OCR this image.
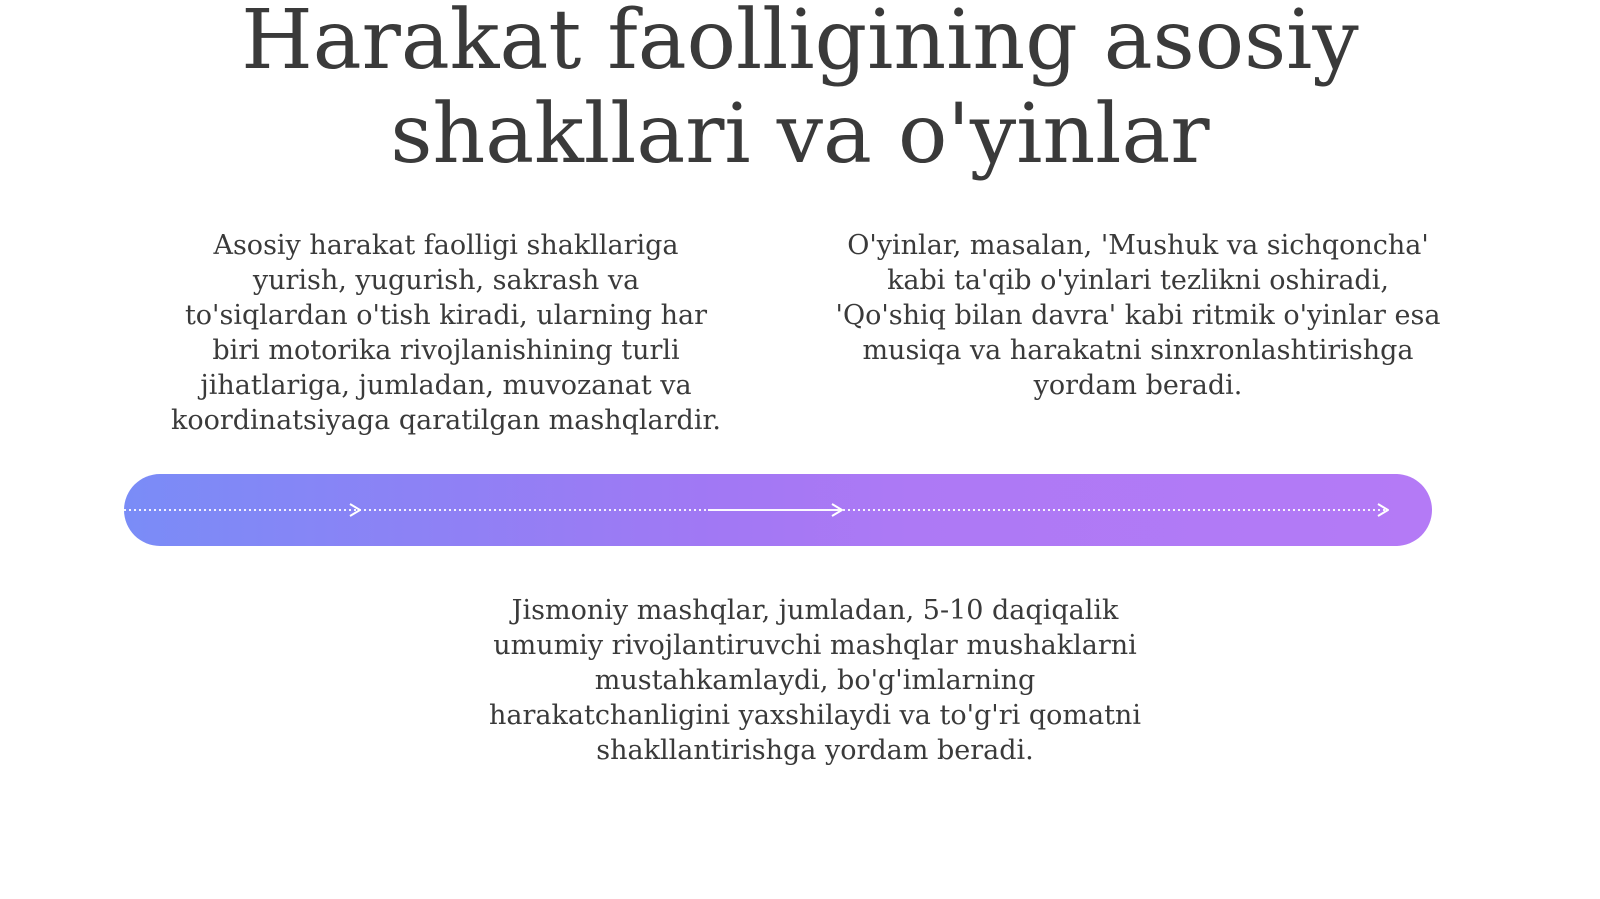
Harakat faolligining asosiy
shakllari va o'yinlar
Asosiy harakat faolligi shakllariga
yurish, yugurish, sakrash va
to'siqlardan o'tish kiradi, ularning har
biri motorika rivojlanishining turli
jihatlariga, jumladan, muvozanat va
koordinatsiyaga qaratilgan mashqlardir.
O'yinlar, masalan, 'Mushuk va sichqoncha'
kabi ta'qib o'yinlari tezlikni oshiradi,
'Qo'shiq bilan davra' kabi ritmik o'yinlar esa
musiqa va harakatni sinxronlashtirishga
yordam beradi.
Jismoniy mashqlar, jumladan, 5-10 daqiqalik
umumiy rivojlantiruvchi mashqlar mushaklarni
mustahkamlaydi, bo'g'imlarning
harakatchanligini yaxshilaydi va to'g'ri qomatni
shakllantirishga yordam beradi.
